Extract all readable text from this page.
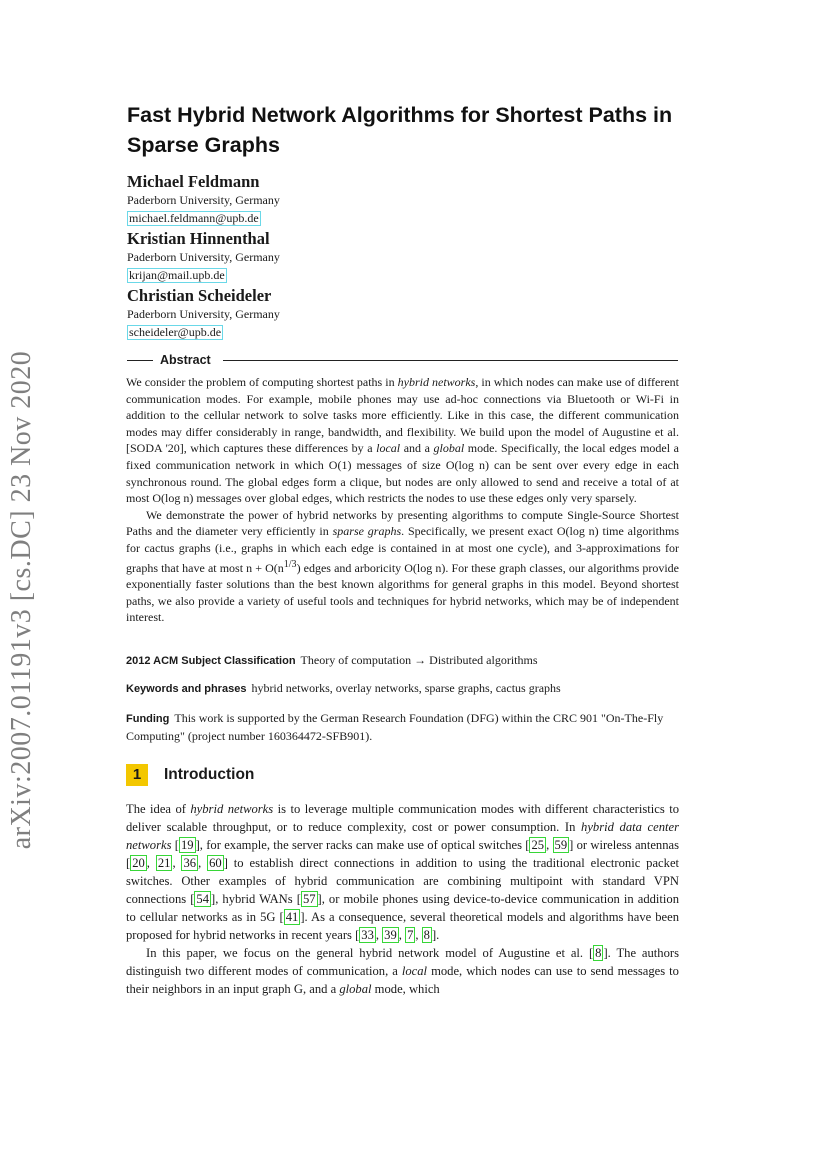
arXiv:2007.01191v3 [cs.DC] 23 Nov 2020
Fast Hybrid Network Algorithms for Shortest Paths in Sparse Graphs
Michael Feldmann
Paderborn University, Germany
michael.feldmann@upb.de
Kristian Hinnenthal
Paderborn University, Germany
krijan@mail.upb.de
Christian Scheideler
Paderborn University, Germany
scheideler@upb.de
Abstract

We consider the problem of computing shortest paths in hybrid networks, in which nodes can make use of different communication modes. For example, mobile phones may use ad-hoc connections via Bluetooth or Wi-Fi in addition to the cellular network to solve tasks more efficiently. Like in this case, the different communication modes may differ considerably in range, bandwidth, and flexibility. We build upon the model of Augustine et al. [SODA '20], which captures these differences by a local and a global mode. Specifically, the local edges model a fixed communication network in which O(1) messages of size O(log n) can be sent over every edge in each synchronous round. The global edges form a clique, but nodes are only allowed to send and receive a total of at most O(log n) messages over global edges, which restricts the nodes to use these edges only very sparsely.

We demonstrate the power of hybrid networks by presenting algorithms to compute Single-Source Shortest Paths and the diameter very efficiently in sparse graphs. Specifically, we present exact O(log n) time algorithms for cactus graphs (i.e., graphs in which each edge is contained in at most one cycle), and 3-approximations for graphs that have at most $n + O(n^{1/3})$ edges and arboricity O(log n). For these graph classes, our algorithms provide exponentially faster solutions than the best known algorithms for general graphs in this model. Beyond shortest paths, we also provide a variety of useful tools and techniques for hybrid networks, which may be of independent interest.

2012 ACM Subject Classification Theory of computation → Distributed algorithms
Keywords and phrases hybrid networks, overlay networks, sparse graphs, cactus graphs
Funding This work is supported by the German Research Foundation (DFG) within the CRC 901 "On-The-Fly Computing" (project number 160364472-SFB901).
1 Introduction

The idea of hybrid networks is to leverage multiple communication modes with different characteristics to deliver scalable throughput, or to reduce complexity, cost or power consumption. In hybrid data center networks [ 19 ], for example, the server racks can make use of optical switches [ 25 , 59 ] or wireless antennas [ 20 , 21 , 36 , 60 ] to establish direct connections in addition to using the traditional electronic packet switches. Other examples of hybrid communication are combining multipoint with standard VPN connections [ 54 ], hybrid WANs [ 57 ], or mobile phones using device-to-device communication in addition to cellular networks as in 5G [ 41 ]. As a consequence, several theoretical models and algorithms have been proposed for hybrid networks in recent years [ 33 , 39 , 7 , 8 ].

In this paper, we focus on the general hybrid network model of Augustine et al. [ 8 ]. The authors distinguish two different modes of communication, a local mode, which nodes can use to send messages to their neighbors in an input graph G, and a global mode, which
